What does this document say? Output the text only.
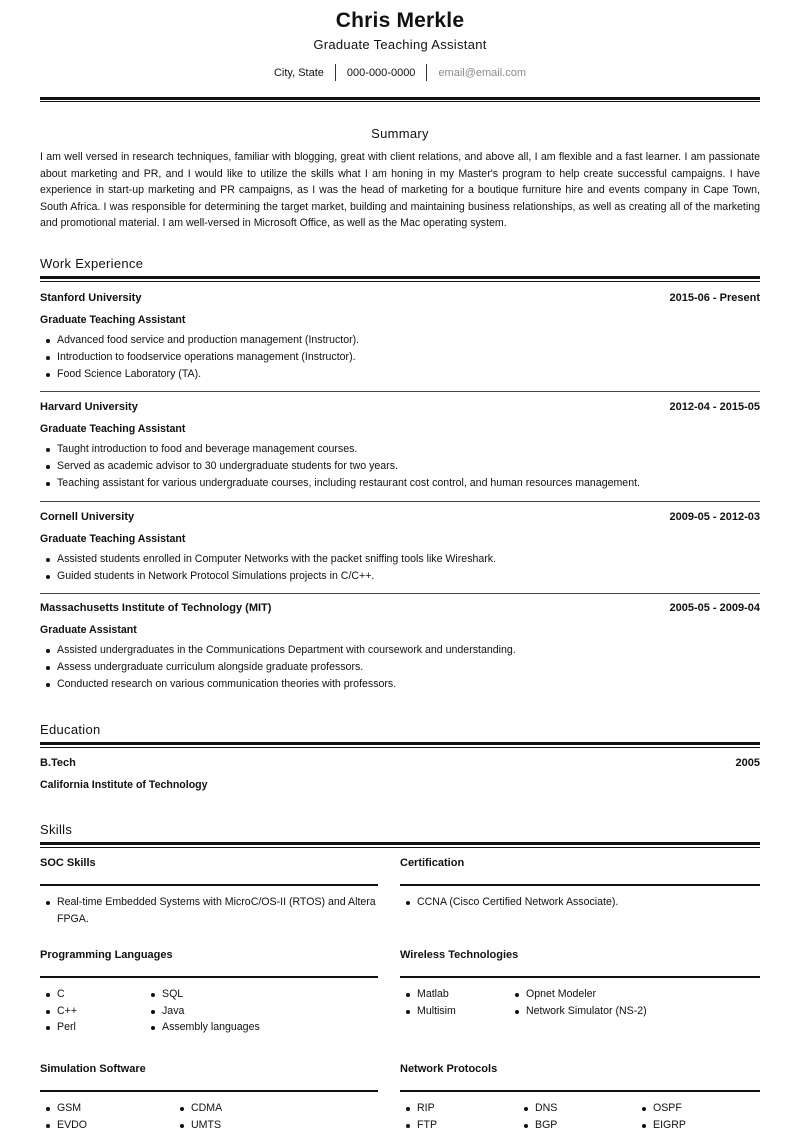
Chris Merkle
Graduate Teaching Assistant
City, State	000-000-0000	email@email.com
Summary
I am well versed in research techniques, familiar with blogging, great with client relations, and above all, I am flexible and a fast learner. I am passionate about marketing and PR, and I would like to utilize the skills what I am honing in my Master's program to help create successful campaigns. I have experience in start-up marketing and PR campaigns, as I was the head of marketing for a boutique furniture hire and events company in Cape Town, South Africa. I was responsible for determining the target market, building and maintaining business relationships, as well as creating all of the marketing and promotional material. I am well-versed in Microsoft Office, as well as the Mac operating system.
Work Experience
Stanford University	2015-06 - Present
Graduate Teaching Assistant
Advanced food service and production management (Instructor).
Introduction to foodservice operations management (Instructor).
Food Science Laboratory (TA).
Harvard University	2012-04 - 2015-05
Graduate Teaching Assistant
Taught introduction to food and beverage management courses.
Served as academic advisor to 30 undergraduate students for two years.
Teaching assistant for various undergraduate courses, including restaurant cost control, and human resources management.
Cornell University	2009-05 - 2012-03
Graduate Teaching Assistant
Assisted students enrolled in Computer Networks with the packet sniffing tools like Wireshark.
Guided students in Network Protocol Simulations projects in C/C++.
Massachusetts Institute of Technology (MIT)	2005-05 - 2009-04
Graduate Assistant
Assisted undergraduates in the Communications Department with coursework and understanding.
Assess undergraduate curriculum alongside graduate professors.
Conducted research on various communication theories with professors.
Education
B.Tech	2005
California Institute of Technology
Skills
SOC Skills
Real-time Embedded Systems with MicroC/OS-II (RTOS) and Altera FPGA.
Certification
CCNA (Cisco Certified Network Associate).
Programming Languages
C
C++
Perl
SQL
Java
Assembly languages
Wireless Technologies
Matlab
Multisim
Opnet Modeler
Network Simulator (NS-2)
Simulation Software
GSM
EVDO
CDMA
UMTS
Network Protocols
RIP
FTP
DNS
BGP
OSPF
EIGRP
